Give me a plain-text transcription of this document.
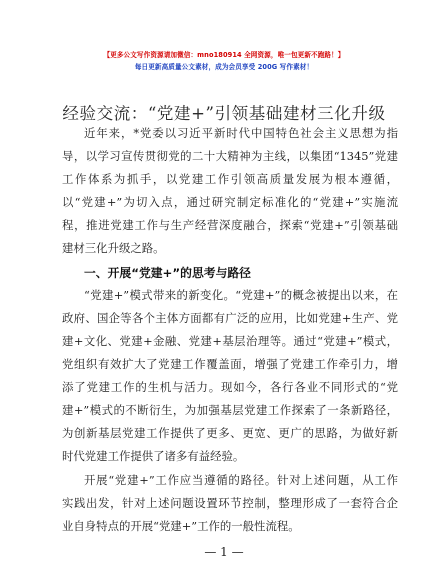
【更多公文写作资源请加微信：mno180914 全网资源，唯一包更新不跑路！】
每日更新高质量公文素材，成为会员享受 200G 写作素材！
经验交流：“党建+”引领基础建材三化升级
近年来，*党委以习近平新时代中国特色社会主义思想为指
导，以学习宣传贯彻党的二十大精神为主线，以集团“1345”党建
工作体系为抓手，以党建工作引领高质量发展为根本遵循，
以“党建+”为切入点，通过研究制定标准化的“党建+”实施流
程，推进党建工作与生产经营深度融合，探索“党建+”引领基础
建材三化升级之路。
一、开展“党建+”的思考与路径
“党建+”模式带来的新变化。“党建+”的概念被提出以来，在
政府、国企等各个主体方面都有广泛的应用，比如党建+生产、党
建+文化、党建+金融、党建+基层治理等。通过“党建+”模式，
党组织有效扩大了党建工作覆盖面，增强了党建工作牵引力，增
添了党建工作的生机与活力。现如今，各行各业不同形式的“党
建+”模式的不断衍生，为加强基层党建工作探索了一条新路径，
为创新基层党建工作提供了更多、更宽、更广的思路，为做好新
时代党建工作提供了诸多有益经验。
开展“党建+”工作应当遵循的路径。针对上述问题，从工作
实践出发，针对上述问题设置环节控制，整理形成了一套符合企
业自身特点的开展“党建+”工作的一般性流程。
— 1 —
